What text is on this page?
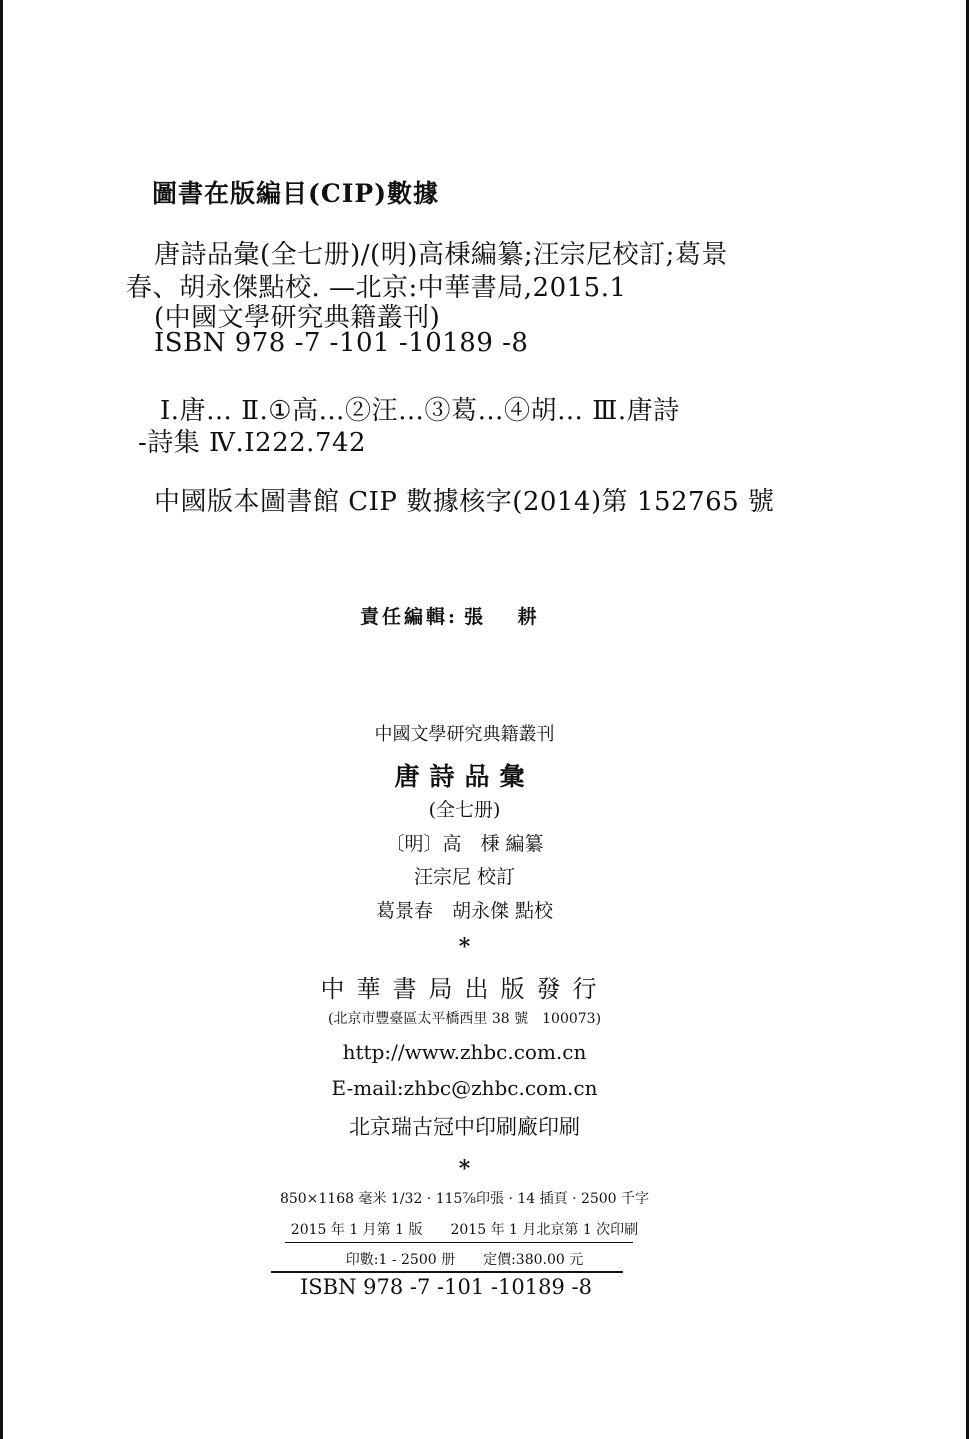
圖書在版編目(CIP)數據
唐詩品彙(全七册)/(明)高棅編纂;汪宗尼校訂;葛景
春、胡永傑點校. —北京:中華書局,2015.1
(中國文學研究典籍叢刊)
ISBN 978 -7 -101 -10189 -8
Ⅰ.唐… Ⅱ.①高…②汪…③葛…④胡… Ⅲ.唐詩
-詩集 Ⅳ.I222.742
中國版本圖書館 CIP 數據核字(2014)第 152765 號
責任編輯: 張 耕
中國文學研究典籍叢刊
唐詩品彙
(全七册)
〔明〕高　棅 編纂
汪宗尼 校訂
葛景春　胡永傑 點校
*
中華書局出版發行
(北京市豐臺區太平橋西里 38 號　100073)
http://www.zhbc.com.cn
E-mail:zhbc@zhbc.com.cn
北京瑞古冠中印刷廠印刷
*
850×1168 毫米 1/32 · 115⅞印張 · 14 插頁 · 2500 千字
2015 年 1 月第 1 版　　2015 年 1 月北京第 1 次印刷
印數:1 - 2500 册　　定價:380.00 元
ISBN 978 -7 -101 -10189 -8
